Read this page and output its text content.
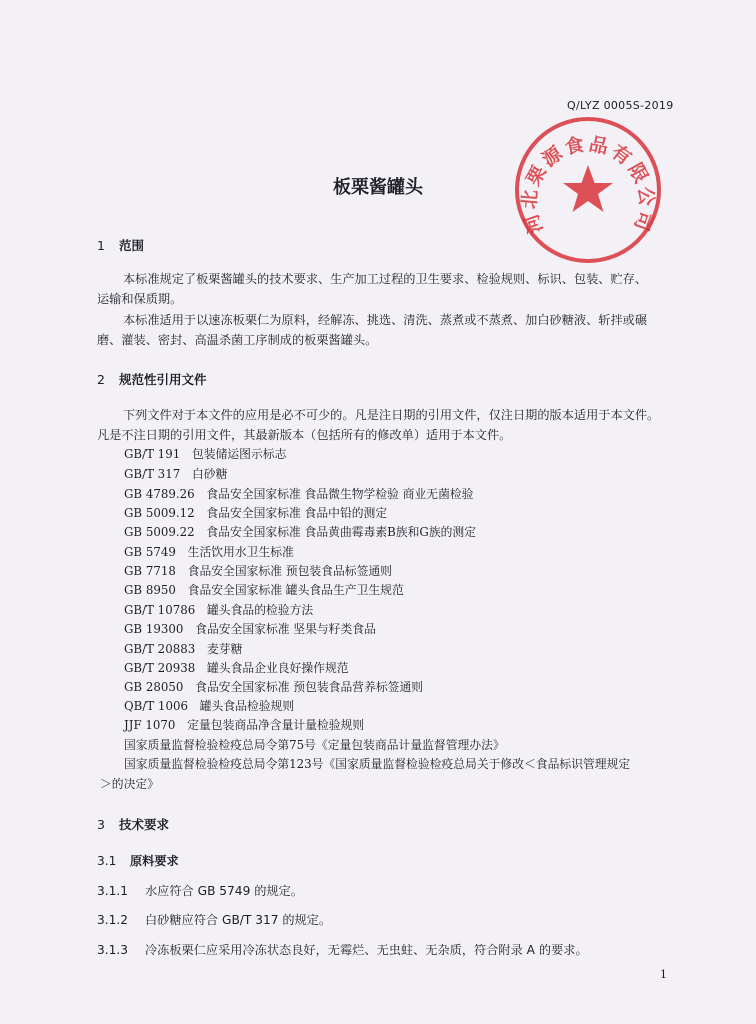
Q/LYZ 0005S-2019
河北栗源食品有限公司
板栗酱罐头
1 范围
本标准规定了板栗酱罐头的技术要求、生产加工过程的卫生要求、检验规则、标识、包装、贮存、
运输和保质期。
本标准适用于以速冻板栗仁为原料，经解冻、挑选、清洗、蒸煮或不蒸煮、加白砂糖液、斩拌或碾
磨、灌装、密封、高温杀菌工序制成的板栗酱罐头。
2 规范性引用文件
下列文件对于本文件的应用是必不可少的。凡是注日期的引用文件，仅注日期的版本适用于本文件。
凡是不注日期的引用文件，其最新版本（包括所有的修改单）适用于本文件。
GB/T 191　包装储运图示标志
GB/T 317　白砂糖
GB 4789.26　食品安全国家标准 食品微生物学检验 商业无菌检验
GB 5009.12　食品安全国家标准 食品中铅的测定
GB 5009.22　食品安全国家标准 食品黄曲霉毒素B族和G族的测定
GB 5749　生活饮用水卫生标准
GB 7718　食品安全国家标准 预包装食品标签通则
GB 8950　食品安全国家标准 罐头食品生产卫生规范
GB/T 10786　罐头食品的检验方法
GB 19300　食品安全国家标准 坚果与籽类食品
GB/T 20883　麦芽糖
GB/T 20938　罐头食品企业良好操作规范
GB 28050　食品安全国家标准 预包装食品营养标签通则
QB/T 1006　罐头食品检验规则
JJF 1070　定量包装商品净含量计量检验规则
国家质量监督检验检疫总局令第75号《定量包装商品计量监督管理办法》
国家质量监督检验检疫总局令第123号《国家质量监督检验检疫总局关于修改＜食品标识管理规定
＞的决定》
3 技术要求
3.1 原料要求
3.1.1 水应符合 GB 5749 的规定。
3.1.2 白砂糖应符合 GB/T 317 的规定。
3.1.3 冷冻板栗仁应采用冷冻状态良好，无霉烂、无虫蛀、无杂质，符合附录 A 的要求。
1
